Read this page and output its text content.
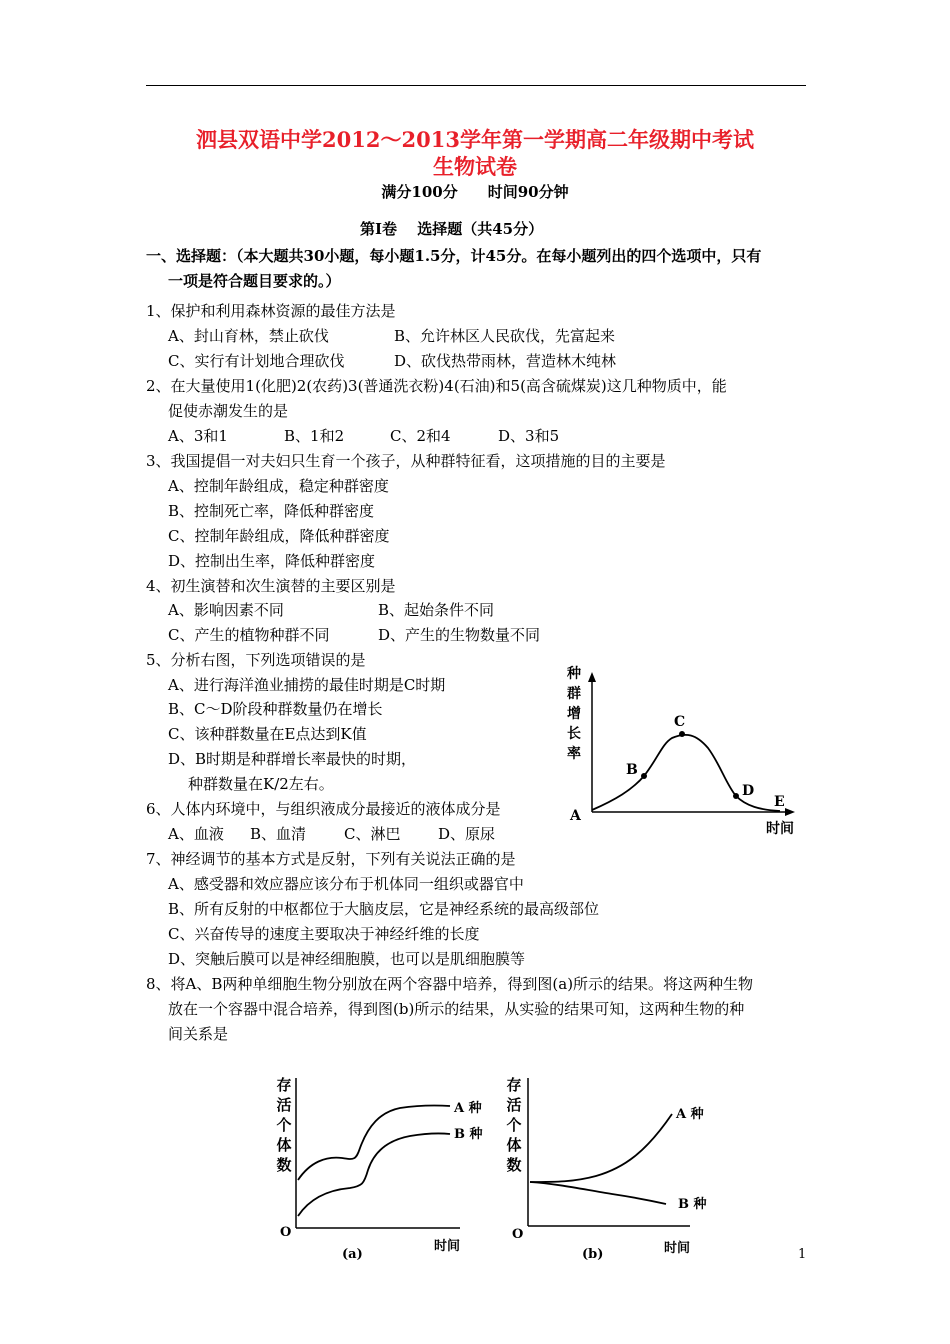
泗县双语中学2012～2013学年第一学期高二年级期中考试
生物试卷
满分100分　　时间90分钟
第Ⅰ卷　 选择题（共45分）
一、选择题：（本大题共30小题，每小题1.5分，计45分。在每小题列出的四个选项中，只有
一项是符合题目要求的。）
1、保护和利用森林资源的最佳方法是
A、封山育林，禁止砍伐	B、允许林区人民砍伐，先富起来
C、实行有计划地合理砍伐	D、砍伐热带雨林，营造林木纯林
2、在大量使用1(化肥)2(农药)3(普通洗衣粉)4(石油)和5(高含硫煤炭)这几种物质中，能
促使赤潮发生的是
A、3和1	B、1和2	C、2和4	D、3和5
3、我国提倡一对夫妇只生育一个孩子，从种群特征看，这项措施的目的主要是
A、控制年龄组成，稳定种群密度
B、控制死亡率，降低种群密度
C、控制年龄组成，降低种群密度
D、控制出生率，降低种群密度
4、初生演替和次生演替的主要区别是
A、影响因素不同	B、起始条件不同
C、产生的植物种群不同	D、产生的生物数量不同
5、分析右图，下列选项错误的是
A、进行海洋渔业捕捞的最佳时期是C时期
B、C～D阶段种群数量仍在增长
C、该种群数量在E点达到K值
D、B时期是种群增长率最快的时期，
种群数量在K/2左右。
6、人体内环境中，与组织液成分最接近的液体成分是
A、血液 B、血清	C、淋巴	D、原尿
7、神经调节的基本方式是反射，下列有关说法正确的是
A、感受器和效应器应该分布于机体同一组织或器官中
B、所有反射的中枢都位于大脑皮层，它是神经系统的最高级部位
C、兴奋传导的速度主要取决于神经纤维的长度
D、突触后膜可以是神经细胞膜，也可以是肌细胞膜等
8、将A、B两种单细胞生物分别放在两个容器中培养，得到图(a)所示的结果。将这两种生物
放在一个容器中混合培养，得到图(b)所示的结果，从实验的结果可知，这两种生物的种
间关系是
种
群
增
长
率
A
B
C
D
E
时间
存
活
个
体
数
A 种
B 种
O
(a)
时间
存
活
个
体
数
A 种
B 种
O
(b)	时间	1
